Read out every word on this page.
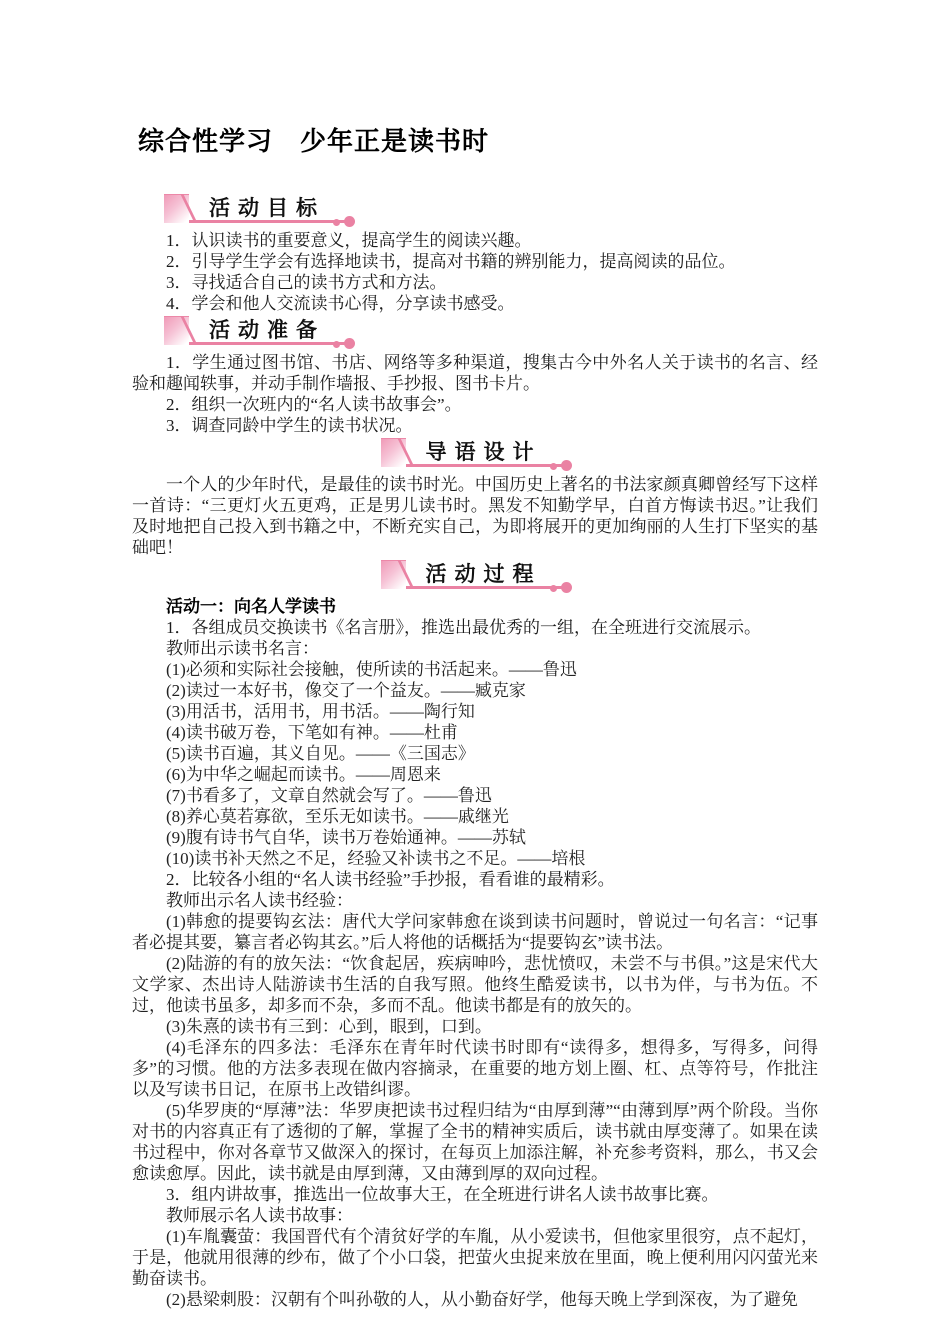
综合性学习　少年正是读书时
活动目标

1．认识读书的重要意义，提高学生的阅读兴趣。

2．引导学生学会有选择地读书，提高对书籍的辨别能力，提高阅读的品位。

3．寻找适合自己的读书方式和方法。

4．学会和他人交流读书心得，分享读书感受。

活动准备

1．学生通过图书馆、书店、网络等多种渠道，搜集古今中外名人关于读书的名言、经验和趣闻轶事，并动手制作墙报、手抄报、图书卡片。

2．组织一次班内的“名人读书故事会”。

3．调查同龄中学生的读书状况。

导语设计

一个人的少年时代，是最佳的读书时光。中国历史上著名的书法家颜真卿曾经写下这样一首诗：“三更灯火五更鸡，正是男儿读书时。黑发不知勤学早，白首方悔读书迟。”让我们及时地把自己投入到书籍之中，不断充实自己，为即将展开的更加绚丽的人生打下坚实的基础吧！

活动过程

活动一：向名人学读书

1．各组成员交换读书《名言册》，推选出最优秀的一组，在全班进行交流展示。

教师出示读书名言：

(1)必须和实际社会接触，使所读的书活起来。——鲁迅

(2)读过一本好书，像交了一个益友。——臧克家

(3)用活书，活用书，用书活。——陶行知

(4)读书破万卷，下笔如有神。——杜甫

(5)读书百遍，其义自见。——《三国志》

(6)为中华之崛起而读书。——周恩来

(7)书看多了，文章自然就会写了。——鲁迅

(8)养心莫若寡欲，至乐无如读书。——戚继光

(9)腹有诗书气自华，读书万卷始通神。——苏轼

(10)读书补天然之不足，经验又补读书之不足。——培根

2．比较各小组的“名人读书经验”手抄报，看看谁的最精彩。

教师出示名人读书经验：

(1)韩愈的提要钩玄法：唐代大学问家韩愈在谈到读书问题时，曾说过一句名言：“记事者必提其要，纂言者必钩其玄。”后人将他的话概括为“提要钩玄”读书法。

(2)陆游的有的放矢法：“饮食起居，疾病呻吟，悲忧愤叹，未尝不与书俱。”这是宋代大文学家、杰出诗人陆游读书生活的自我写照。他终生酷爱读书，以书为伴，与书为伍。不过，他读书虽多，却多而不杂，多而不乱。他读书都是有的放矢的。

(3)朱熹的读书有三到：心到，眼到，口到。

(4)毛泽东的四多法：毛泽东在青年时代读书时即有“读得多，想得多，写得多，问得多”的习惯。他的方法多表现在做内容摘录，在重要的地方划上圈、杠、点等符号，作批注以及写读书日记，在原书上改错纠谬。

(5)华罗庚的“厚薄”法：华罗庚把读书过程归结为“由厚到薄”“由薄到厚”两个阶段。当你对书的内容真正有了透彻的了解，掌握了全书的精神实质后，读书就由厚变薄了。如果在读书过程中，你对各章节又做深入的探讨，在每页上加添注解，补充参考资料，那么，书又会愈读愈厚。因此，读书就是由厚到薄，又由薄到厚的双向过程。

3．组内讲故事，推选出一位故事大王，在全班进行讲名人读书故事比赛。

教师展示名人读书故事：

(1)车胤囊萤：我国晋代有个清贫好学的车胤，从小爱读书，但他家里很穷，点不起灯，于是，他就用很薄的纱布，做了个小口袋，把萤火虫捉来放在里面，晚上便利用闪闪萤光来勤奋读书。

(2)悬梁刺股：汉朝有个叫孙敬的人，从小勤奋好学，他每天晚上学到深夜，为了避免
